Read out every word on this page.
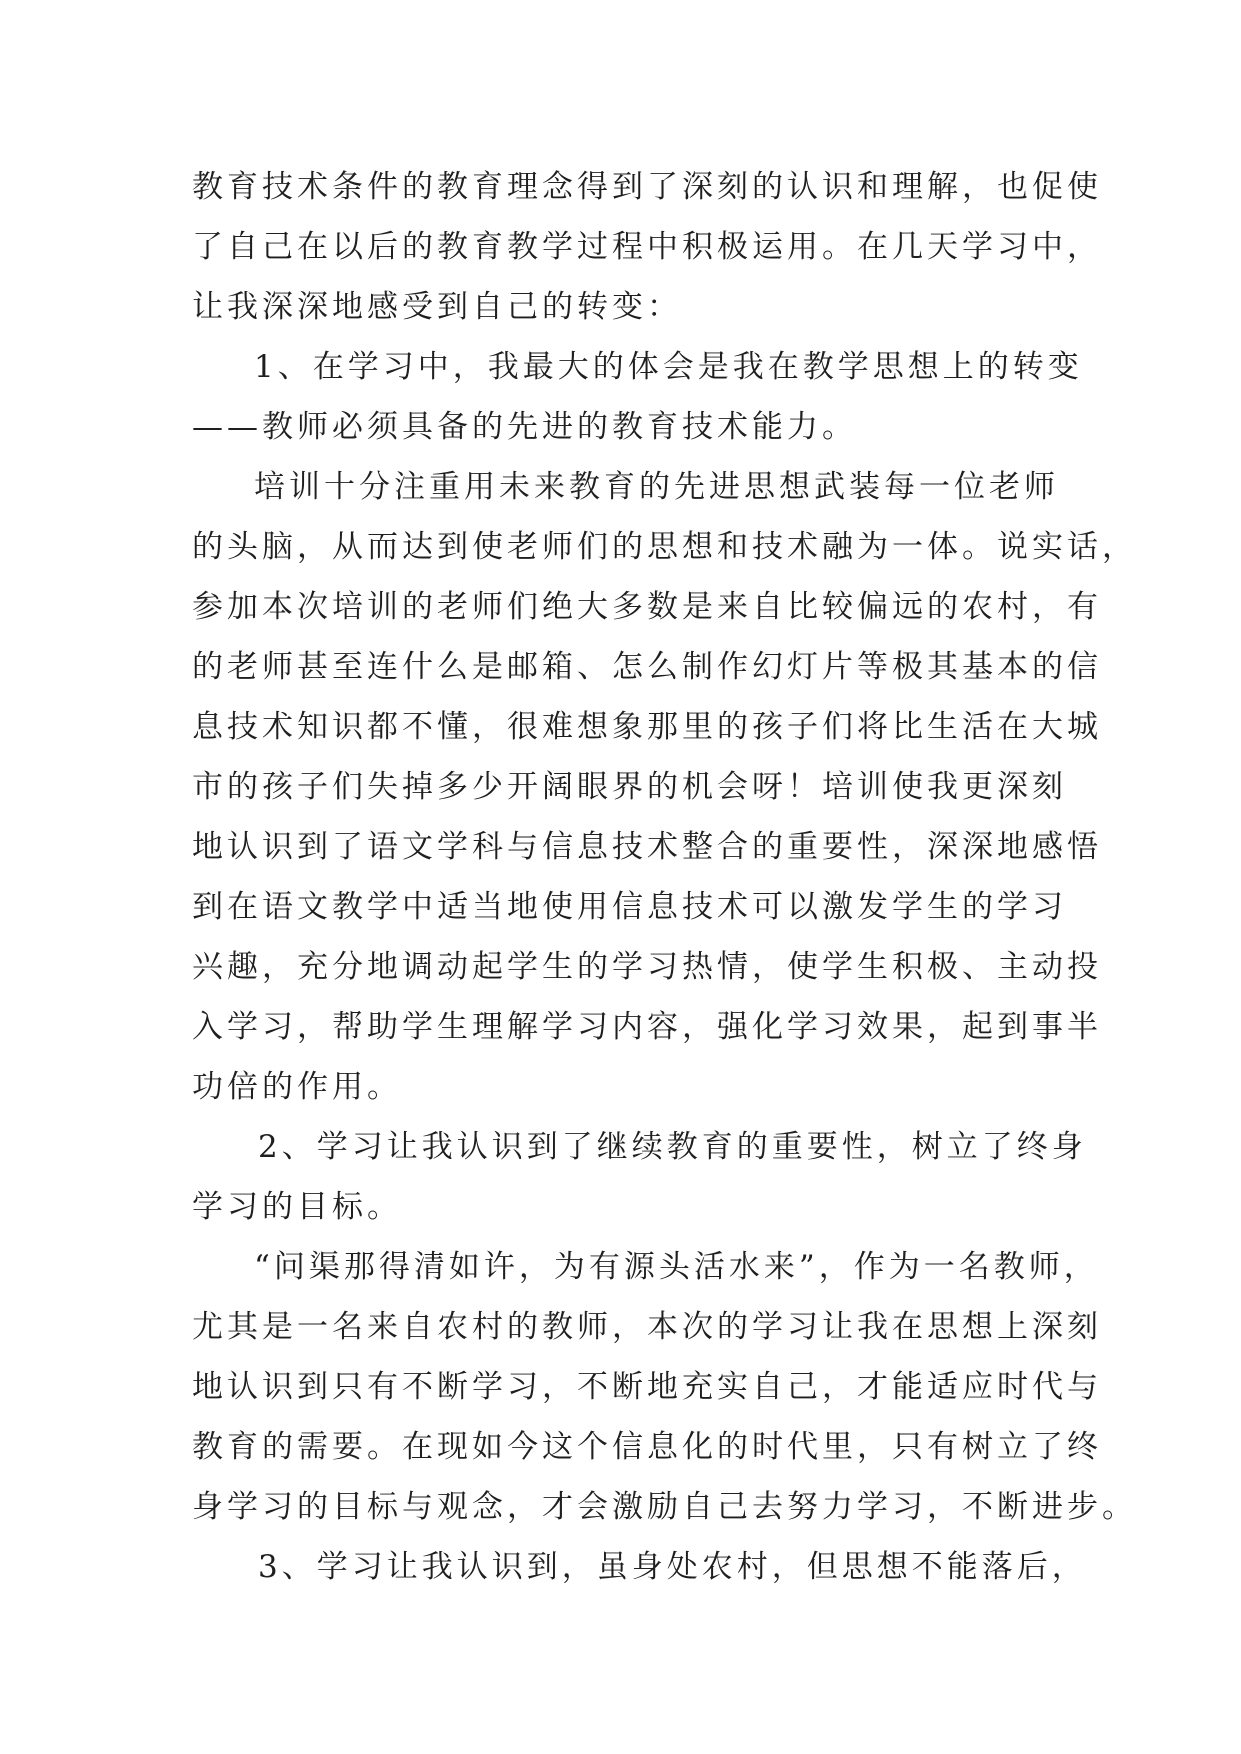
教育技术条件的教育理念得到了深刻的认识和理解，也促使
了自己在以后的教育教学过程中积极运用。在几天学习中，
让我深深地感受到自己的转变：
1、在学习中，我最大的体会是我在教学思想上的转变
——教师必须具备的先进的教育技术能力。
培训十分注重用未来教育的先进思想武装每一位老师
的头脑，从而达到使老师们的思想和技术融为一体。说实话，
参加本次培训的老师们绝大多数是来自比较偏远的农村，有
的老师甚至连什么是邮箱、怎么制作幻灯片等极其基本的信
息技术知识都不懂，很难想象那里的孩子们将比生活在大城
市的孩子们失掉多少开阔眼界的机会呀！培训使我更深刻
地认识到了语文学科与信息技术整合的重要性，深深地感悟
到在语文教学中适当地使用信息技术可以激发学生的学习
兴趣，充分地调动起学生的学习热情，使学生积极、主动投
入学习，帮助学生理解学习内容，强化学习效果，起到事半
功倍的作用。
2、学习让我认识到了继续教育的重要性，树立了终身
学习的目标。
“问渠那得清如许，为有源头活水来”，作为一名教师，
尤其是一名来自农村的教师，本次的学习让我在思想上深刻
地认识到只有不断学习，不断地充实自己，才能适应时代与
教育的需要。在现如今这个信息化的时代里，只有树立了终
身学习的目标与观念，才会激励自己去努力学习，不断进步。
3、学习让我认识到，虽身处农村，但思想不能落后，
